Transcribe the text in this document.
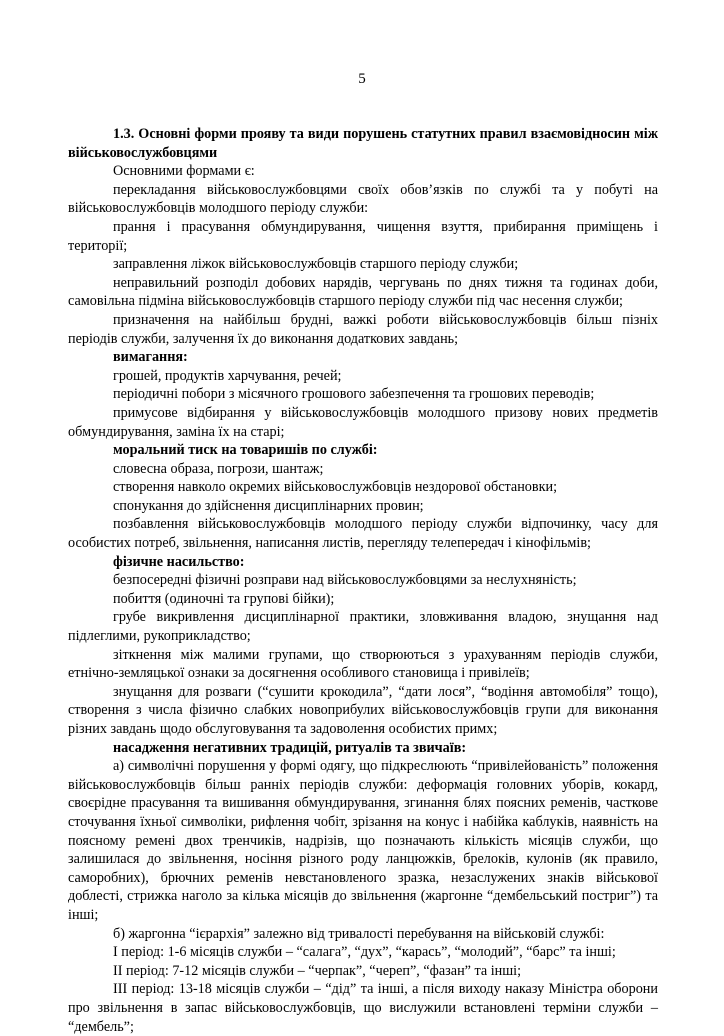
5

1.3. Основні форми прояву та види порушень статутних правил взаємовідносин між військовослужбовцями

Основними формами є:

перекладання військовослужбовцями своїх обов’язків по службі та у побуті на військовослужбовців молодшого періоду служби:

прання і прасування обмундирування, чищення взуття, прибирання приміщень і території;

заправлення ліжок військовослужбовців старшого періоду служби;

неправильний розподіл добових нарядів, чергувань по днях тижня та годинах доби, самовільна підміна військовослужбовців старшого періоду служби під час несення служби;

призначення на найбільш брудні, важкі роботи військовослужбовців більш пізніх періодів служби, залучення їх до виконання додаткових завдань;

вимагання:

грошей, продуктів харчування, речей;

періодичні побори з місячного грошового забезпечення та грошових переводів;

примусове відбирання у військовослужбовців молодшого призову нових предметів обмундирування, заміна їх на старі;

моральний тиск на товаришів по службі:

словесна образа, погрози, шантаж;

створення навколо окремих військовослужбовців нездорової обстановки;

спонукання до здійснення дисциплінарних провин;

позбавлення військовослужбовців молодшого періоду служби відпочинку, часу для особистих потреб, звільнення, написання листів, перегляду телепередач і кінофільмів;

фізичне насильство:

безпосередні фізичні розправи над військовослужбовцями за неслухняність;

побиття (одиночні та групові бійки);

грубе викривлення дисциплінарної практики, зловживання владою, знущання над підлеглими, рукоприкладство;

зіткнення між малими групами, що створюються з урахуванням періодів служби, етнічно-земляцької ознаки за досягнення особливого становища і привілеїв;

знущання для розваги (“сушити крокодила”, “дати лося”, “водіння автомобіля” тощо), створення з числа фізично слабких новоприбулих військовослужбовців групи для виконання різних завдань щодо обслуговування та задоволення особистих примх;

насадження негативних традицій, ритуалів та звичаїв:

а) символічні порушення у формі одягу, що підкреслюють “привілейованість” положення військовослужбовців більш ранніх періодів служби: деформація головних уборів, кокард, своєрідне прасування та вишивання обмундирування, згинання блях поясних ременів, часткове сточування їхньої символіки, рифлення чобіт, зрізання на конус і набійка каблуків, наявність на поясному ремені двох тренчиків, надрізів, що позначають кількість місяців служби, що залишилася до звільнення, носіння різного роду ланцюжків, брелоків, кулонів (як правило, саморобних), брючних ременів невстановленого зразка, незаслужених знаків військової доблесті, стрижка наголо за кілька місяців до звільнення (жаргонне “дембельський постриг”) та інші;

б) жаргонна “ієрархія” залежно від тривалості перебування на військовій службі:

I період: 1-6 місяців служби – “салага”, “дух”, “карась”, “молодий”, “барс” та інші;

II період: 7-12 місяців служби – “черпак”, “череп”, “фазан” та інші;

III період: 13-18 місяців служби – “дід” та інші, а після виходу наказу Міністра оборони про звільнення в запас військовослужбовців, що вислужили встановлені терміни служби – “дембель”;
